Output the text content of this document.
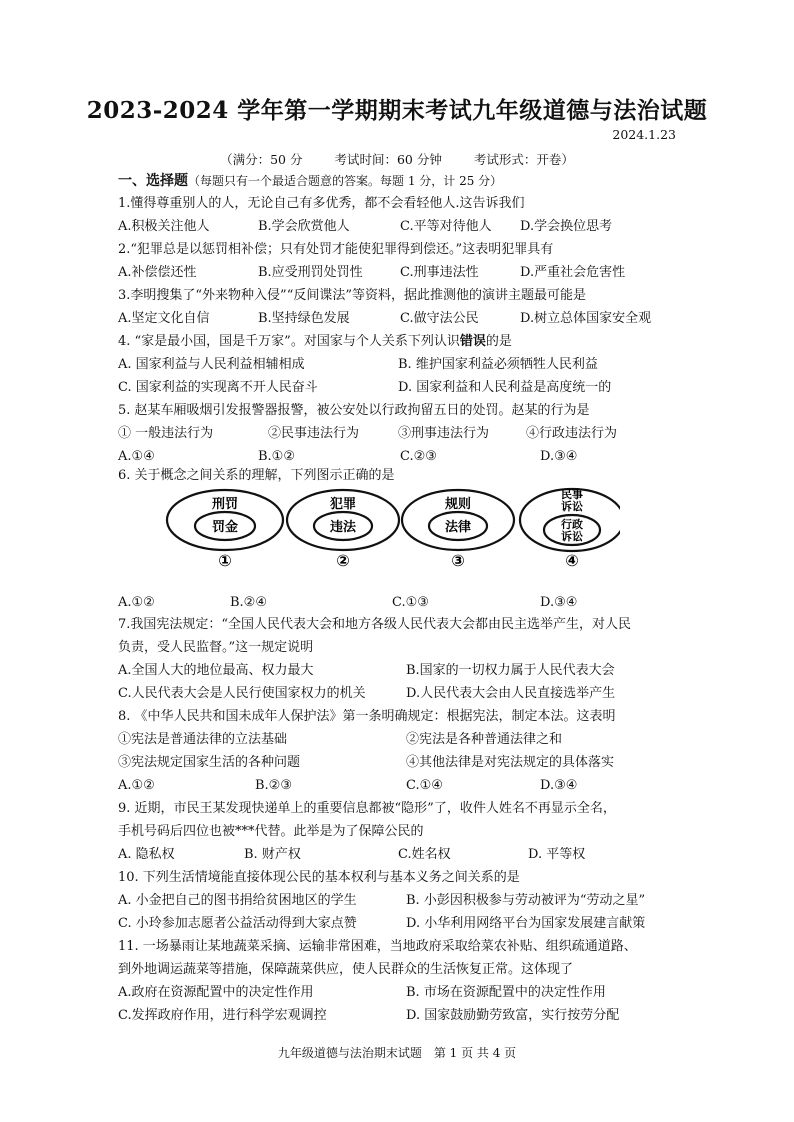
2023-2024 学年第一学期期末考试九年级道德与法治试题
2024.1.23
（满分：50 分	考试时间：60 分钟	考试形式：开卷）
一、选择题（每题只有一个最适合题意的答案。每题 1 分，计 25 分）
1.懂得尊重别人的人，无论自己有多优秀，都不会看轻他人.这告诉我们
A.积极关注他人	B.学会欣赏他人	C.平等对待他人 D.学会换位思考
2.“犯罪总是以惩罚相补偿；只有处罚才能使犯罪得到偿还。”这表明犯罪具有
A.补偿偿还性	B.应受刑罚处罚性	C.刑事违法性	D.严重社会危害性
3.李明搜集了“外来物种入侵”“反间谍法”等资料，据此推测他的演讲主题最可能是
A.坚定文化自信	B.坚持绿色发展	C.做守法公民	D.树立总体国家安全观
4. “家是最小国，国是千万家”。对国家与个人关系下列认识错误的是
A. 国家利益与人民利益相辅相成	B. 维护国家利益必须牺牲人民利益
C. 国家利益的实现离不开人民奋斗	D. 国家利益和人民利益是高度统一的
5. 赵某车厢吸烟引发报警器报警，被公安处以行政拘留五日的处罚。赵某的行为是
① 一般违法行为	②民事违法行为	③刑事违法行为	④行政违法行为
A.①④	B.①②	C.②③	D.③④
6. 关于概念之间关系的理解，下列图示正确的是
刑罚
罚金
①
犯罪
违法
②
规则
法律
③
民事
诉讼
行政
诉讼
④
A.①②	B.②④	C.①③	D.③④
7.我国宪法规定：“全国人民代表大会和地方各级人民代表大会都由民主选举产生，对人民
负责，受人民监督。”这一规定说明
A.全国人大的地位最高、权力最大	B.国家的一切权力属于人民代表大会
C.人民代表大会是人民行使国家权力的机关	D.人民代表大会由人民直接选举产生
8. 《中华人民共和国未成年人保护法》第一条明确规定：根据宪法，制定本法。这表明
①宪法是普通法律的立法基础	②宪法是各种普通法律之和
③宪法规定国家生活的各种问题	④其他法律是对宪法规定的具体落实
A.①②	B.②③	C.①④	D.③④
9. 近期，市民王某发现快递单上的重要信息都被“隐形”了，收件人姓名不再显示全名，
手机号码后四位也被***代替。此举是为了保障公民的
A. 隐私权	B. 财产权	C.姓名权	D. 平等权
10. 下列生活情境能直接体现公民的基本权利与基本义务之间关系的是
A. 小金把自己的图书捐给贫困地区的学生	B. 小彭因积极参与劳动被评为“劳动之星”
C. 小玲参加志愿者公益活动得到大家点赞	D. 小华利用网络平台为国家发展建言献策
11. 一场暴雨让某地蔬菜采摘、运输非常困难，当地政府采取给菜农补贴、组织疏通道路、
到外地调运蔬菜等措施，保障蔬菜供应，使人民群众的生活恢复正常。这体现了
A.政府在资源配置中的决定性作用	B. 市场在资源配置中的决定性作用
C.发挥政府作用，进行科学宏观调控	D. 国家鼓励勤劳致富，实行按劳分配
九年级道德与法治期末试题　第 1 页 共 4 页
